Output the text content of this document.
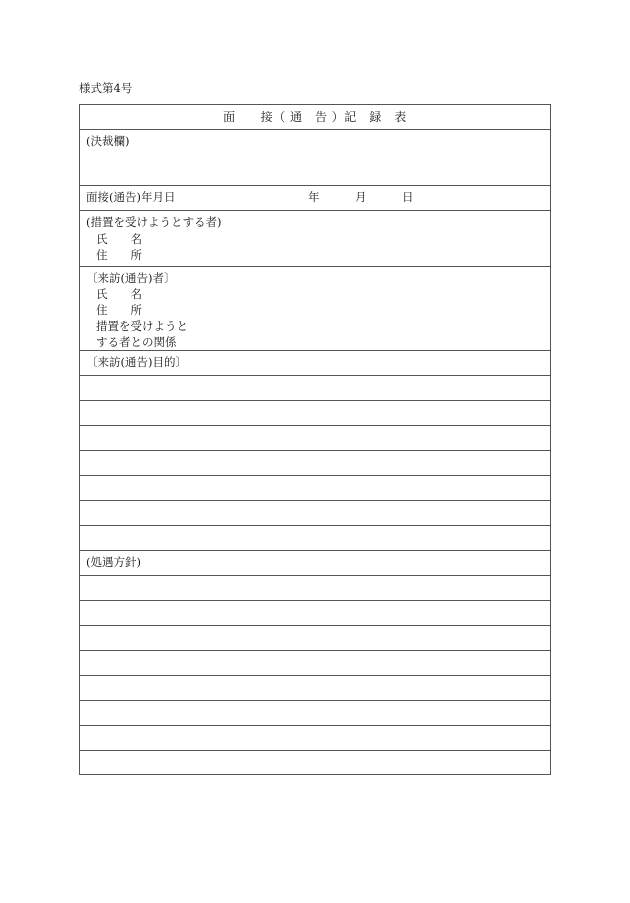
様式第4号
面　　接（ 通　告 ）記　録　表
(決裁欄)
面接(通告)年月日	年	月	日
(措置を受けようとする者)
氏　　名
住　　所
〔来訪(通告)者〕
氏　　名
住　　所
措置を受けようと
する者との関係
〔来訪(通告)目的〕
(処遇方針)
